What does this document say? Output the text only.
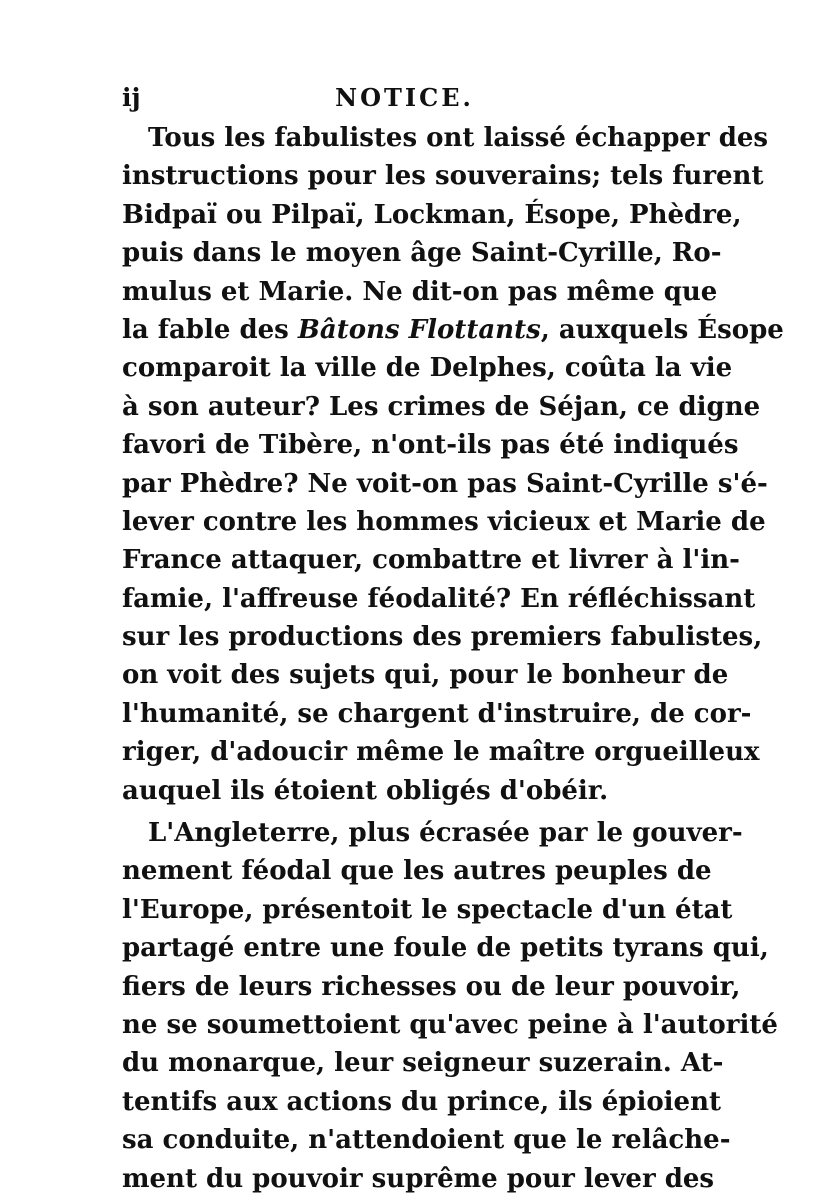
ij	NOTICE.
Tous les fabulistes ont laissé échapper des
instructions pour les souverains; tels furent
Bidpaï ou Pilpaï, Lockman, Ésope, Phèdre,
puis dans le moyen âge Saint-Cyrille, Ro-
mulus et Marie. Ne dit-on pas même que
la fable des Bâtons Flottants, auxquels Ésope
comparoit la ville de Delphes, coûta la vie
à son auteur? Les crimes de Séjan, ce digne
favori de Tibère, n'ont-ils pas été indiqués
par Phèdre? Ne voit-on pas Saint-Cyrille s'é-
lever contre les hommes vicieux et Marie de
France attaquer, combattre et livrer à l'in-
famie, l'affreuse féodalité? En réfléchissant
sur les productions des premiers fabulistes,
on voit des sujets qui, pour le bonheur de
l'humanité, se chargent d'instruire, de cor-
riger, d'adoucir même le maître orgueilleux
auquel ils étoient obligés d'obéir.
L'Angleterre, plus écrasée par le gouver-
nement féodal que les autres peuples de
l'Europe, présentoit le spectacle d'un état
partagé entre une foule de petits tyrans qui,
fiers de leurs richesses ou de leur pouvoir,
ne se soumettoient qu'avec peine à l'autorité
du monarque, leur seigneur suzerain. At-
tentifs aux actions du prince, ils épioient
sa conduite, n'attendoient que le relâche-
ment du pouvoir suprême pour lever des
